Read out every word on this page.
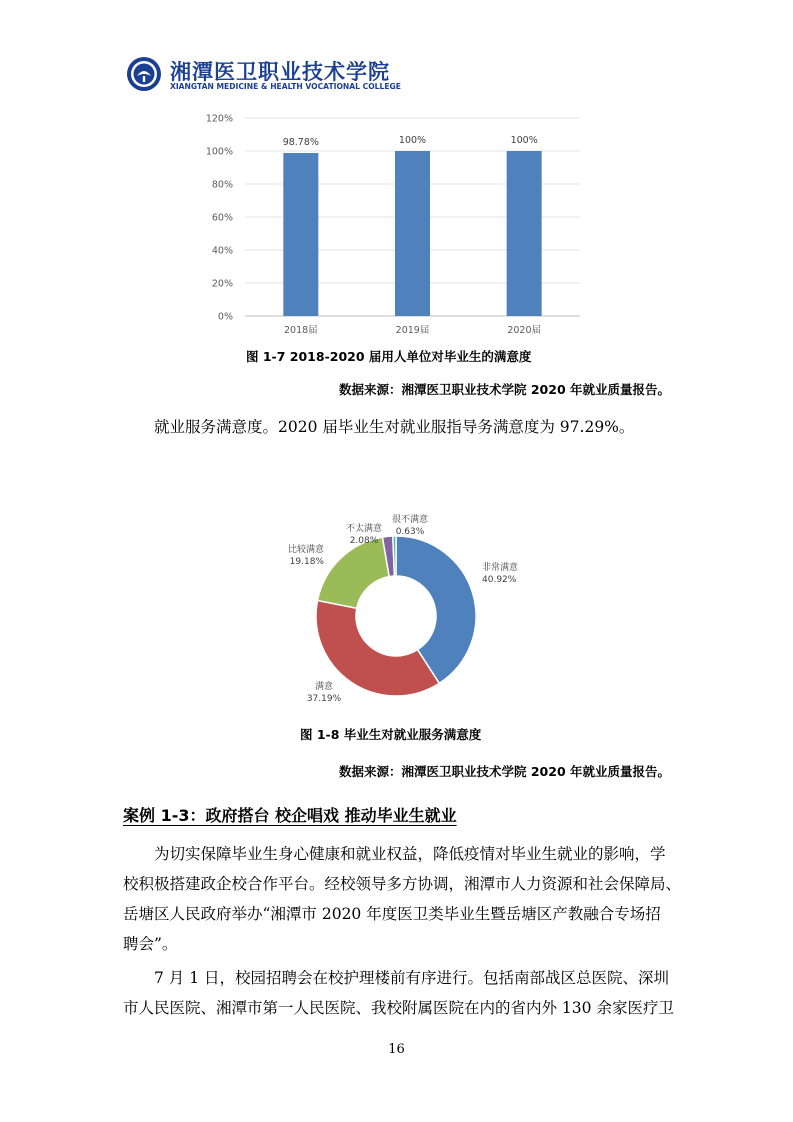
湘潭医卫职业技术学院
XIANGTAN MEDICINE & HEALTH VOCATIONAL COLLEGE
0%
20%
40%
60%
80%
100%
120%
98.78%
2018届
100%
2019届
100%
2020届
图 1-7 2018-2020 届用人单位对毕业生的满意度
数据来源：湘潭医卫职业技术学院 2020 年就业质量报告。
就业服务满意度。2020 届毕业生对就业服指导务满意度为 97.29%。
非常满意
40.92%
满意
37.19%
比较满意
19.18%
不太满意
2.08%
很不满意
0.63%
图 1-8 毕业生对就业服务满意度
数据来源：湘潭医卫职业技术学院 2020 年就业质量报告。
案例 1-3：政府搭台 校企唱戏 推动毕业生就业
为切实保障毕业生身心健康和就业权益，降低疫情对毕业生就业的影响，学
校积极搭建政企校合作平台。经校领导多方协调，湘潭市人力资源和社会保障局、
岳塘区人民政府举办“湘潭市 2020 年度医卫类毕业生暨岳塘区产教融合专场招
聘会”。
7 月 1 日，校园招聘会在校护理楼前有序进行。包括南部战区总医院、深圳
市人民医院、湘潭市第一人民医院、我校附属医院在内的省内外 130 余家医疗卫
16
